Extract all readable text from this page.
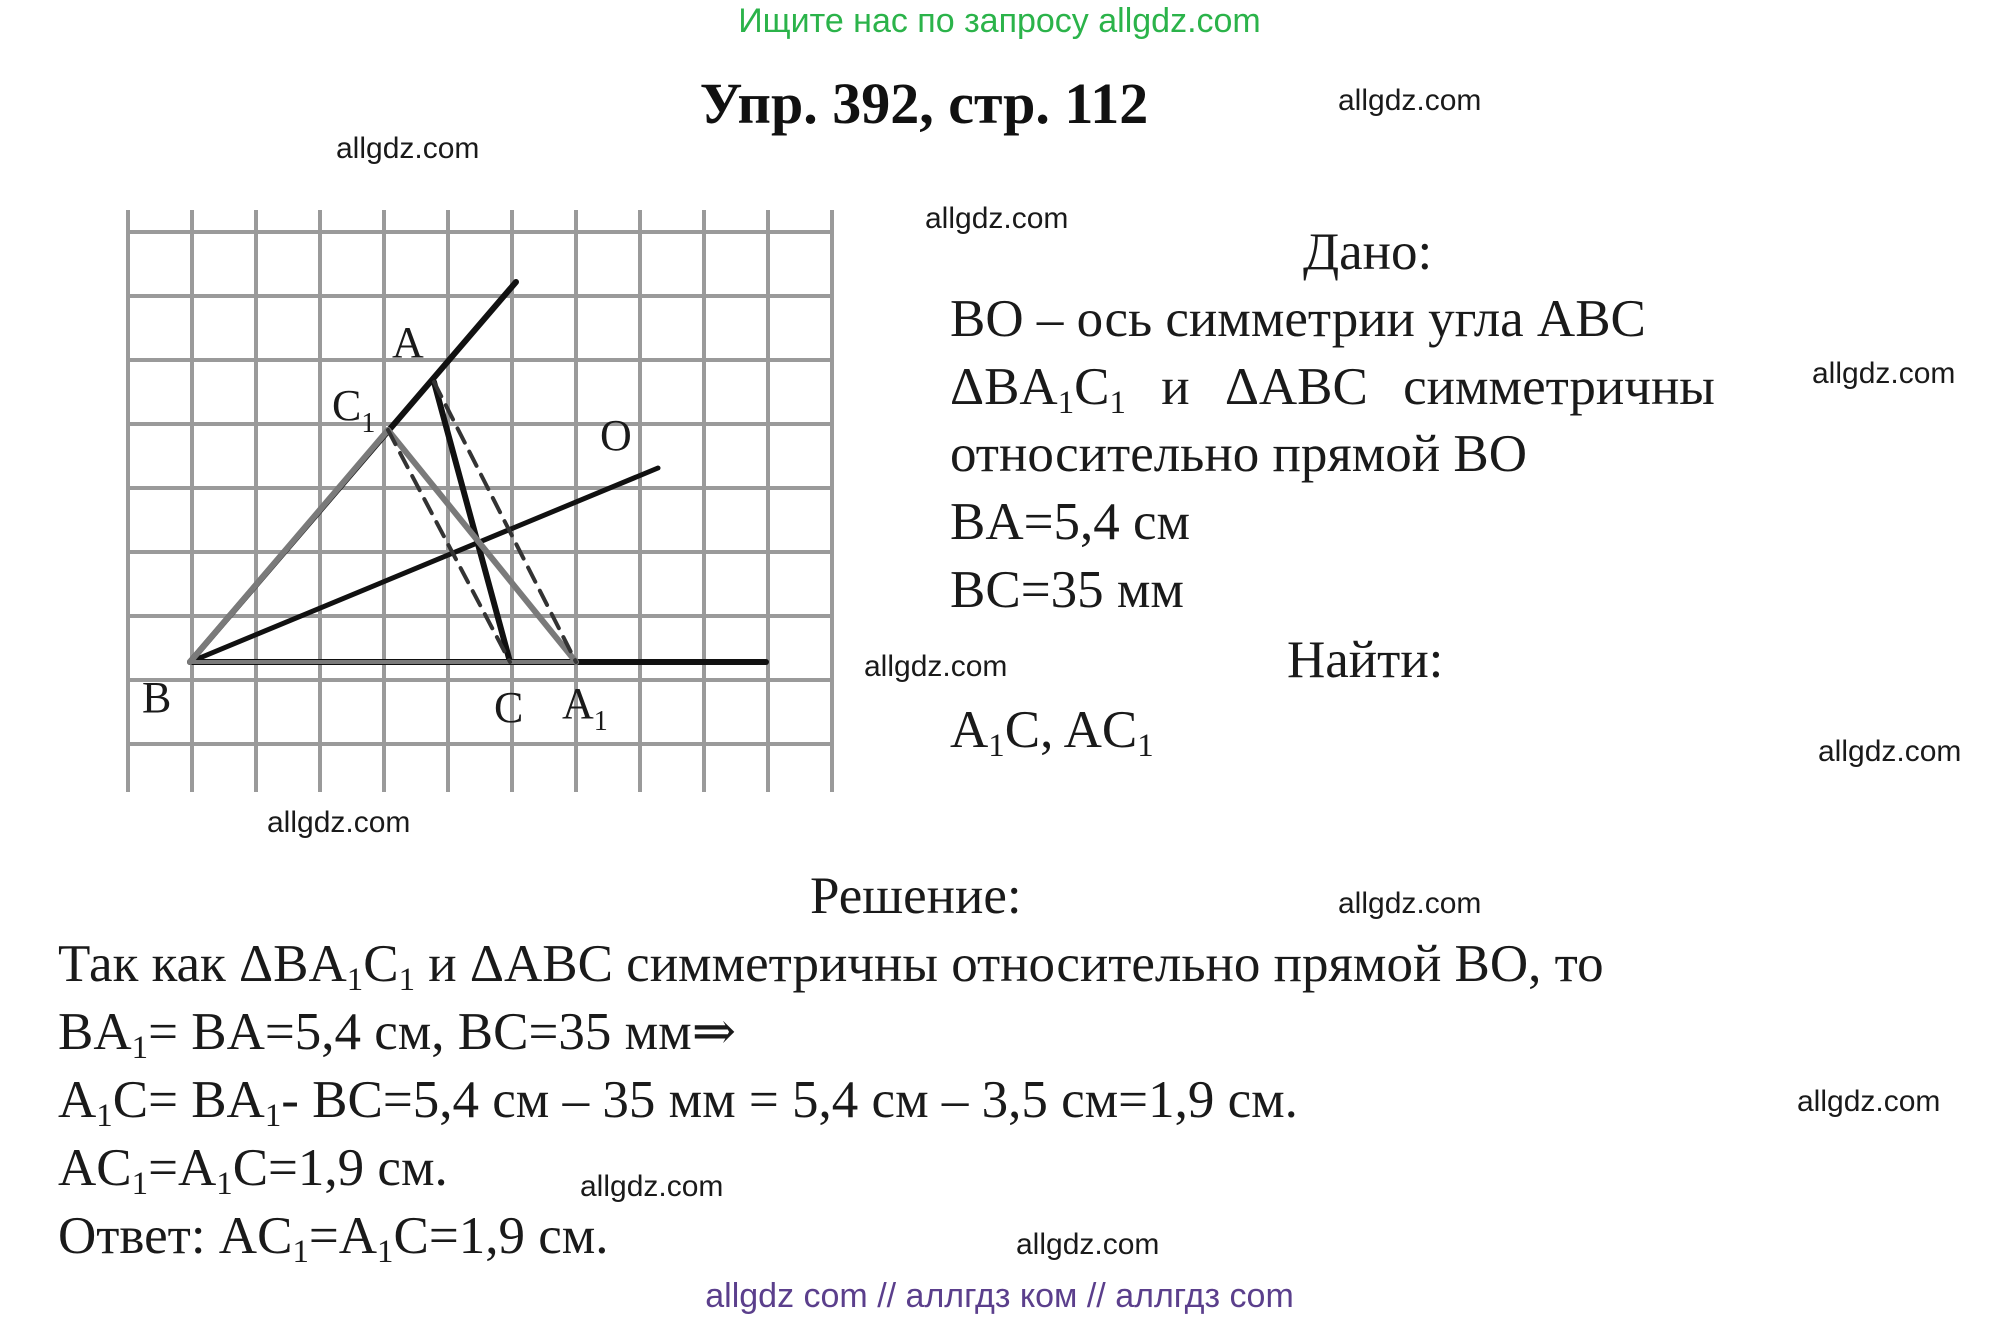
Ищите нас по запросу allgdz.com
Упр. 392, стр. 112	allgdz.com
allgdz.com
allgdz.com
allgdz.com
allgdz.com
allgdz.com
allgdz.com
allgdz.com
allgdz.com
allgdz.com
allgdz.com
A
$C_1$	O
B	C $A_1$
Дано:
BO – ось симметрии угла ABC
$\Delta BA_1C_1$ и ΔABC симметричны
относительно прямой BO
BA=5,4 см
BC=35 мм
Найти:
$A_1C$, $AC_1$
Решение:
Так как $\Delta BA_1C_1$ и ΔABC симметричны относительно прямой BO, то
$BA_1= BA=5,4$ см, BC=35 мм⇒
$A_1C= BA_1-$ BC=5,4 см – 35 мм = 5,4 см – 3,5 см=1,9 см.
$AC_1=A_1C=1,9$ см.
Ответ: $AC_1=A_1C=1,9$ см.
allgdz com // аллгдз ком // аллгдз com
